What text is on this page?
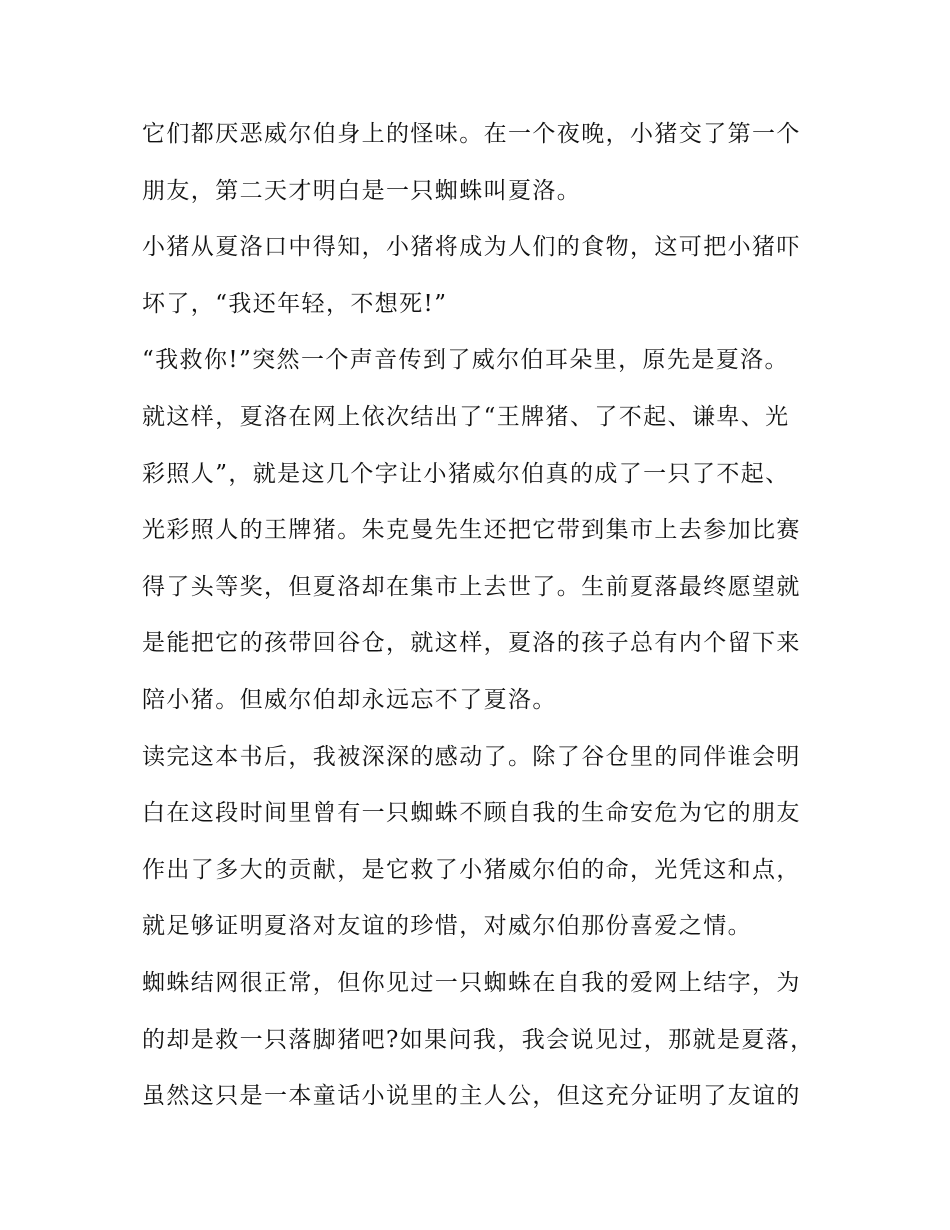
它们都厌恶威尔伯身上的怪味。在一个夜晚，小猪交了第一个

朋友，第二天才明白是一只蜘蛛叫夏洛。

小猪从夏洛口中得知，小猪将成为人们的食物，这可把小猪吓

坏了，“我还年轻，不想死!”

“我救你!”突然一个声音传到了威尔伯耳朵里，原先是夏洛。

就这样，夏洛在网上依次结出了“王牌猪、了不起、谦卑、光

彩照人”，就是这几个字让小猪威尔伯真的成了一只了不起、

光彩照人的王牌猪。朱克曼先生还把它带到集市上去参加比赛

得了头等奖，但夏洛却在集市上去世了。生前夏落最终愿望就

是能把它的孩带回谷仓，就这样，夏洛的孩子总有内个留下来

陪小猪。但威尔伯却永远忘不了夏洛。

读完这本书后，我被深深的感动了。除了谷仓里的同伴谁会明

白在这段时间里曾有一只蜘蛛不顾自我的生命安危为它的朋友

作出了多大的贡献，是它救了小猪威尔伯的命，光凭这和点，

就足够证明夏洛对友谊的珍惜，对威尔伯那份喜爱之情。

蜘蛛结网很正常，但你见过一只蜘蛛在自我的爱网上结字，为

的却是救一只落脚猪吧?如果问我，我会说见过，那就是夏落，

虽然这只是一本童话小说里的主人公，但这充分证明了友谊的
